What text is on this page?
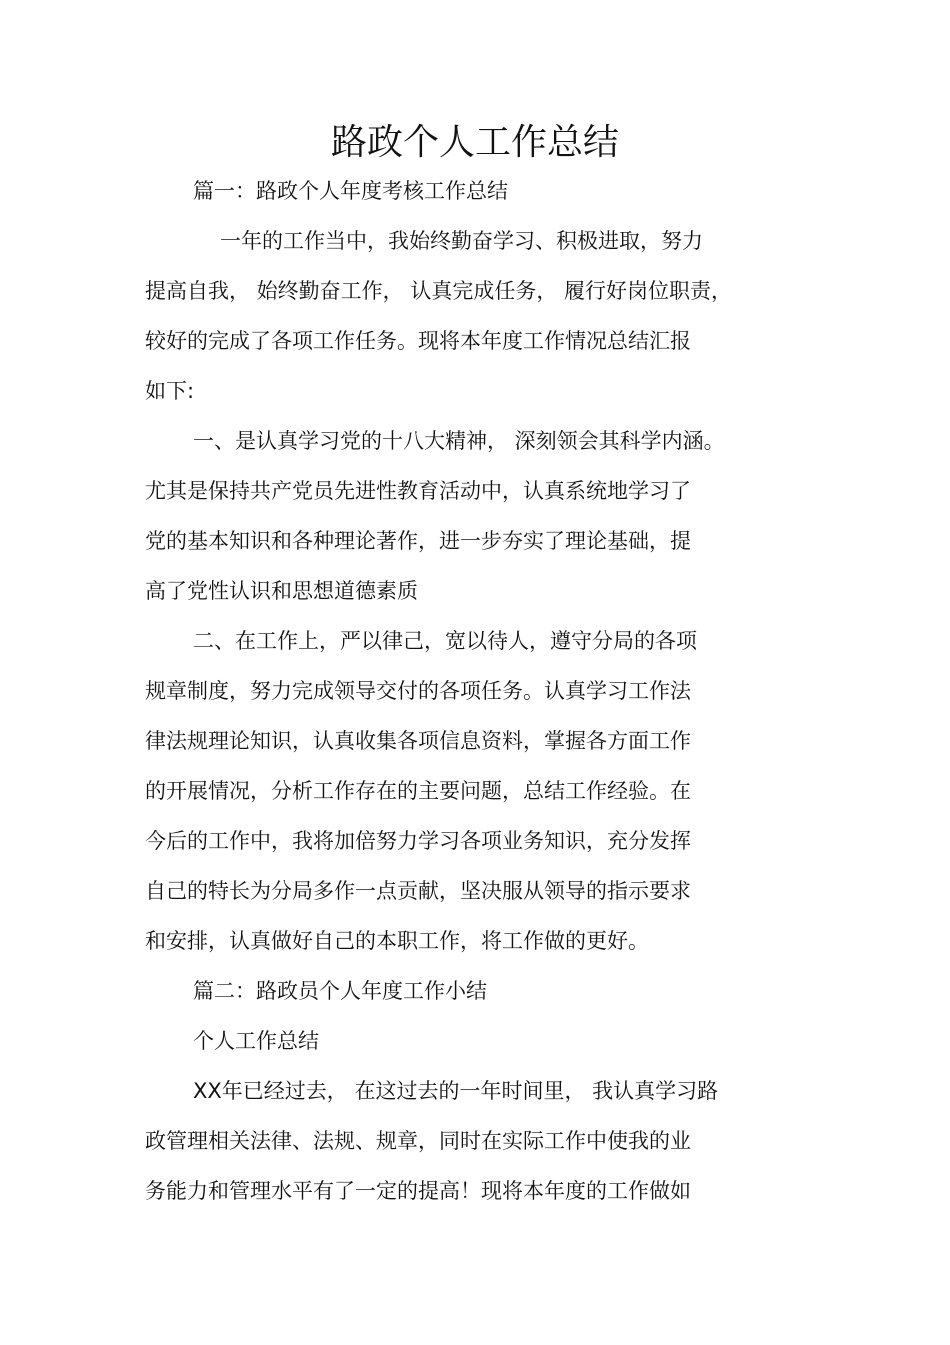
路政个人工作总结

篇一：路政个人年度考核工作总结

一年的工作当中，我始终勤奋学习、积极进取，努力

提高自我， 始终勤奋工作， 认真完成任务， 履行好岗位职责，

较好的完成了各项工作任务。现将本年度工作情况总结汇报

如下:

一、是认真学习党的十八大精神， 深刻领会其科学内涵。

尤其是保持共产党员先进性教育活动中，认真系统地学习了

党的基本知识和各种理论著作，进一步夯实了理论基础，提

高了党性认识和思想道德素质

二、在工作上，严以律己，宽以待人，遵守分局的各项

规章制度，努力完成领导交付的各项任务。认真学习工作法

律法规理论知识，认真收集各项信息资料，掌握各方面工作

的开展情况，分析工作存在的主要问题，总结工作经验。在

今后的工作中，我将加倍努力学习各项业务知识，充分发挥

自己的特长为分局多作一点贡献，坚决服从领导的指示要求

和安排，认真做好自己的本职工作，将工作做的更好。

篇二：路政员个人年度工作小结

个人工作总结

XX年已经过去， 在这过去的一年时间里， 我认真学习路

政管理相关法律、法规、规章，同时在实际工作中使我的业

务能力和管理水平有了一定的提高！现将本年度的工作做如
